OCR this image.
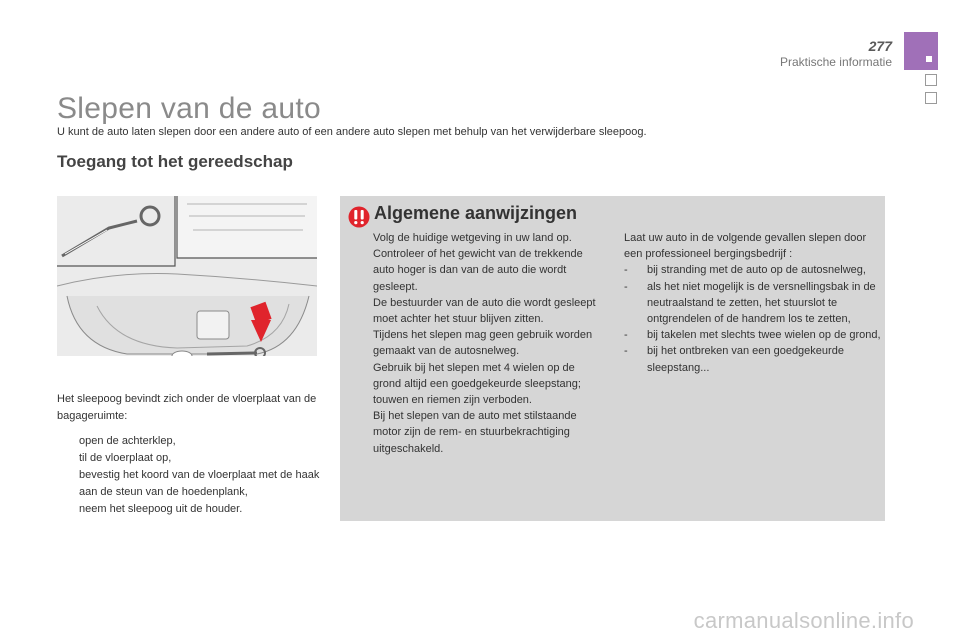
277
Praktische informatie
Slepen van de auto
U kunt de auto laten slepen door een andere auto of een andere auto slepen met behulp van het verwijderbare sleepoog.
Toegang tot het gereedschap
Het sleepoog bevindt zich onder de vloerplaat van de bagageruimte:
open de achterklep,
til de vloerplaat op,
bevestig het koord van de vloerplaat met de haak aan de steun van de hoedenplank,
neem het sleepoog uit de houder.
Algemene aanwijzingen
Volg de huidige wetgeving in uw land op.
Controleer of het gewicht van de trekkende auto hoger is dan van de auto die wordt gesleept.
De bestuurder van de auto die wordt gesleept moet achter het stuur blijven zitten.
Tijdens het slepen mag geen gebruik worden gemaakt van de autosnelweg.
Gebruik bij het slepen met 4 wielen op de grond altijd een goedgekeurde sleepstang; touwen en riemen zijn verboden.
Bij het slepen van de auto met stilstaande motor zijn de rem- en stuurbekrachtiging uitgeschakeld.
Laat uw auto in de volgende gevallen slepen door een professioneel bergingsbedrijf :
- bij stranding met de auto op de autosnelweg,
- als het niet mogelijk is de versnellingsbak in de neutraalstand te zetten, het stuurslot te ontgrendelen of de handrem los te zetten,
- bij takelen met slechts twee wielen op de grond,
- bij het ontbreken van een goedgekeurde sleepstang...
carmanualsonline.info
